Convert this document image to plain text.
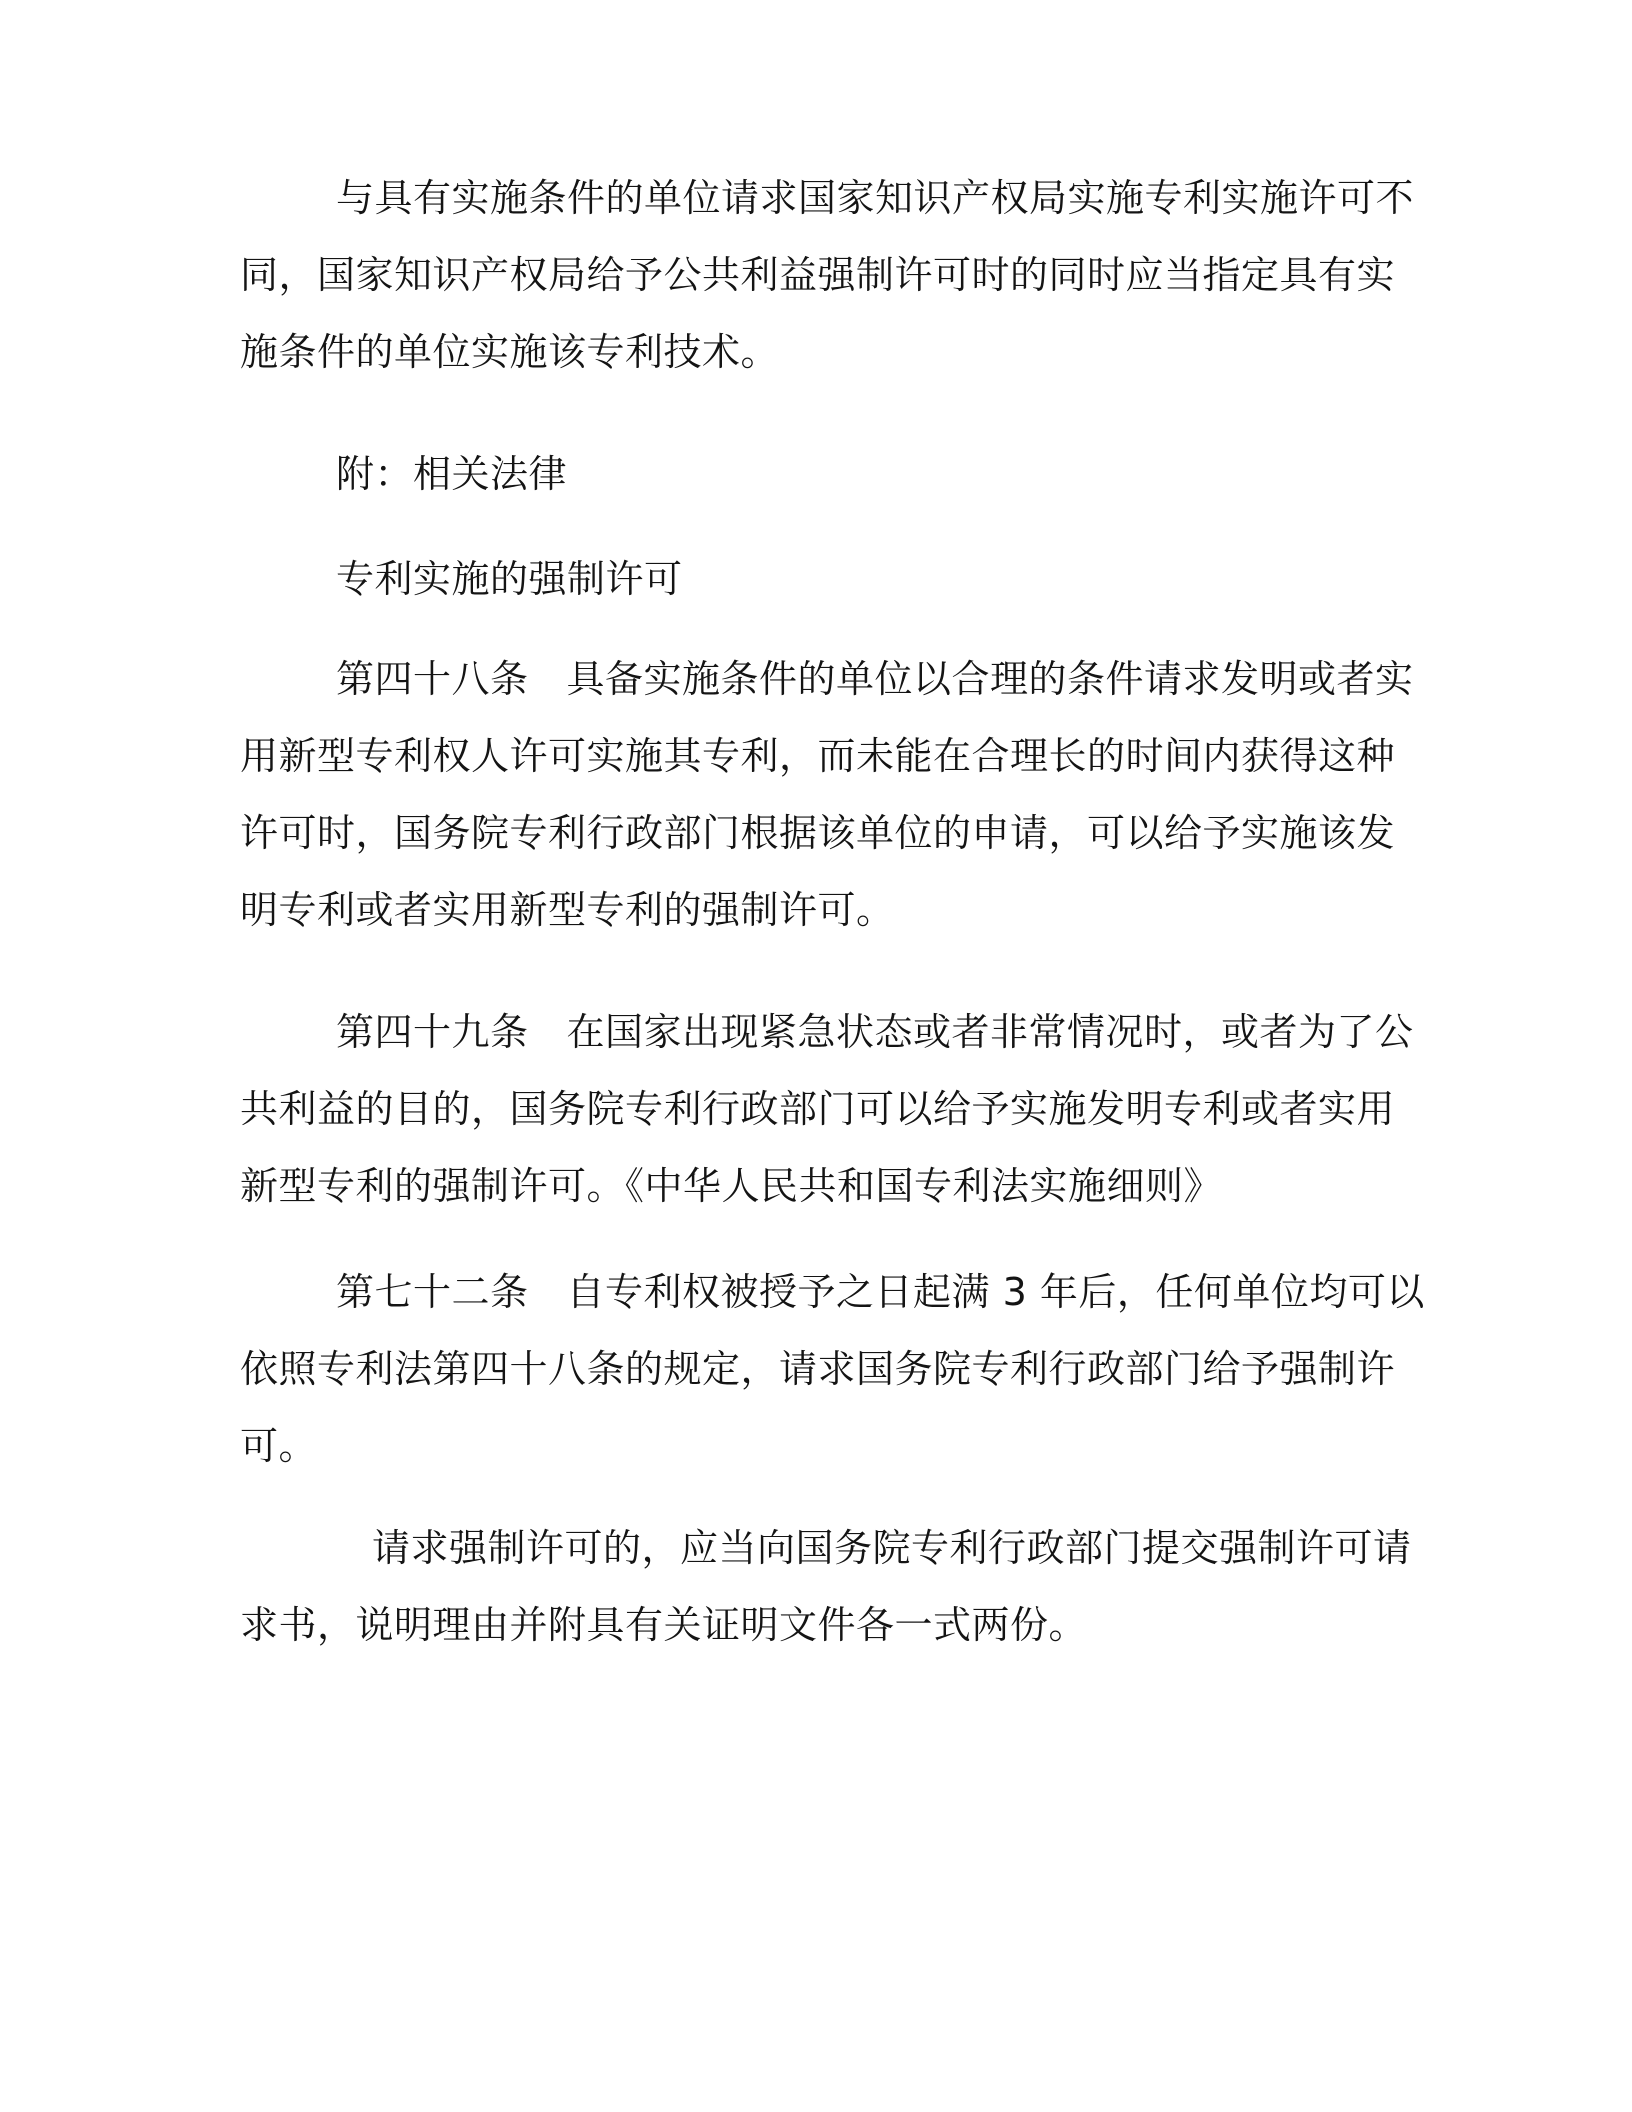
与具有实施条件的单位请求国家知识产权局实施专利实施许可不
同，国家知识产权局给予公共利益强制许可时的同时应当指定具有实
施条件的单位实施该专利技术。

附：相关法律

专利实施的强制许可

第四十八条 具备实施条件的单位以合理的条件请求发明或者实
用新型专利权人许可实施其专利，而未能在合理长的时间内获得这种
许可时，国务院专利行政部门根据该单位的申请，可以给予实施该发
明专利或者实用新型专利的强制许可。

第四十九条 在国家出现紧急状态或者非常情况时，或者为了公
共利益的目的，国务院专利行政部门可以给予实施发明专利或者实用
新型专利的强制许可。《中华人民共和国专利法实施细则》

第七十二条 自专利权被授予之日起满 3 年后，任何单位均可以
依照专利法第四十八条的规定，请求国务院专利行政部门给予强制许
可。

请求强制许可的，应当向国务院专利行政部门提交强制许可请
求书，说明理由并附具有关证明文件各一式两份。
